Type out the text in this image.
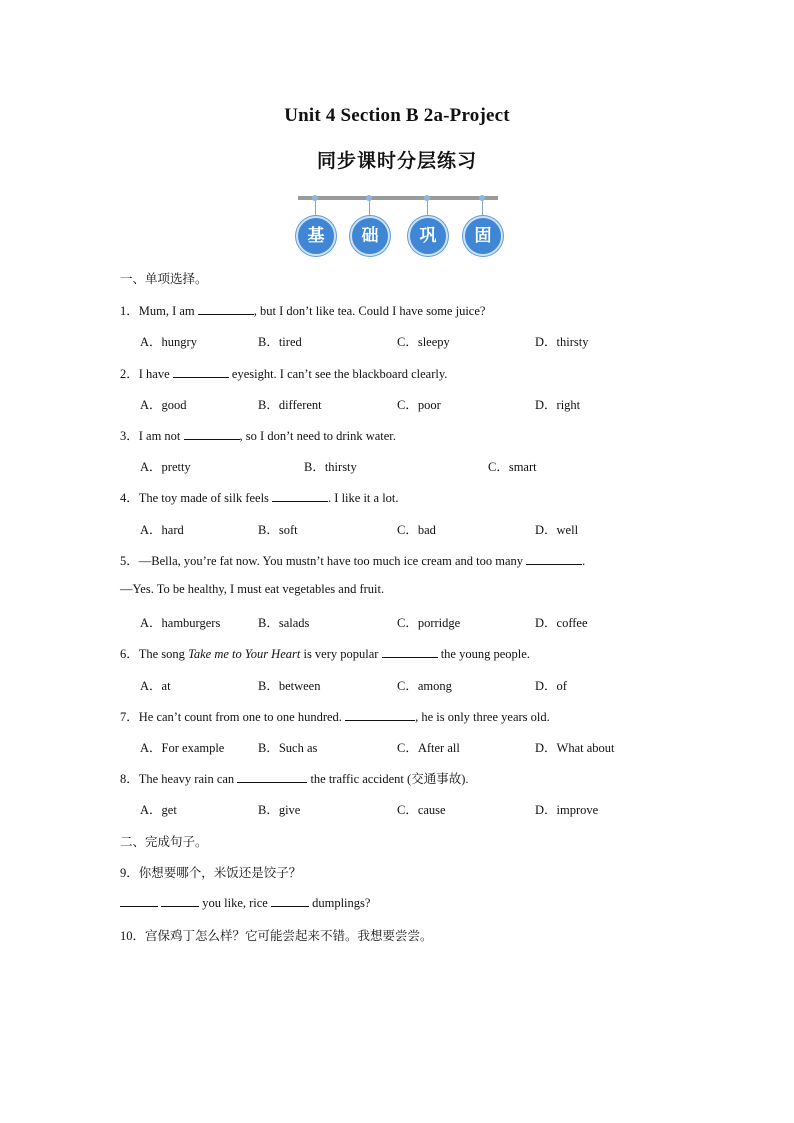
Unit 4 Section B 2a-Project
同步课时分层练习
基	础	巩	固
一、单项选择。
1．Mum, I am	, but I don’t like tea. Could I have some juice?
A．hungry	B．tired	C．sleepy	D．thirsty
2．I have	eyesight. I can’t see the blackboard clearly.
A．good	B．different	C．poor	D．right
3．I am not	, so I don’t need to drink water.
A．pretty	B．thirsty	C．smart
4．The toy made of silk feels	. I like it a lot.
A．hard	B．soft	C．bad	D．well
5．—Bella, you’re fat now. You mustn’t have too much ice cream and too many	.
—Yes. To be healthy, I must eat vegetables and fruit.
A．hamburgers	B．salads	C．porridge	D．coffee
6．The song Take me to Your Heart is very popular	the young people.
A．at	B．between	C．among	D．of
7．He can’t count from one to one hundred.	, he is only three years old.
A．For example	B．Such as	C．After all	D．What about
8．The heavy rain can	the traffic accident (交通事故).
A．get	B．give	C．cause	D．improve
二、完成句子。
9．你想要哪个，米饭还是饺子？
you like, rice	dumplings?
10．宫保鸡丁怎么样？它可能尝起来不错。我想要尝尝。
